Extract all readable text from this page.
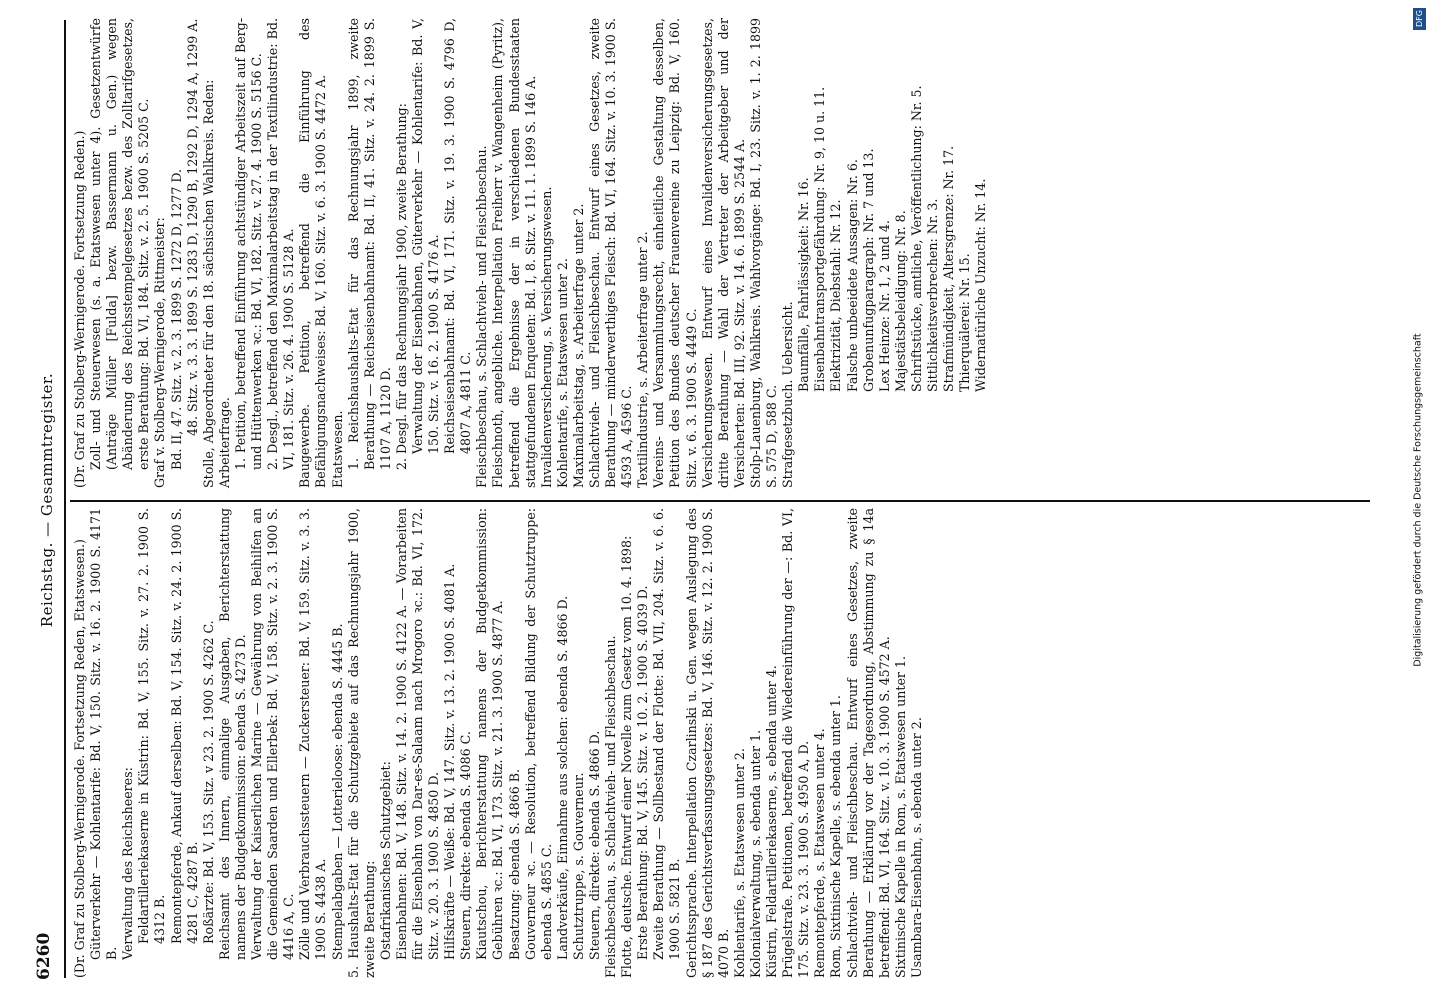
6260
Reichstag. — Gesammtregister.

(Dr. Graf zu Stolberg-Wernigerode. Fortsetzung Reden, Etatswesen.) Güterverkehr — Kohlentarife: Bd. V, 150. Sitz. v. 16. 2. 1900 S. 4171 B. Verwaltung des Reichsheeres: Feldartilleriekaserne in Küstrin: Bd. V, 155. Sitz. v. 27. 2. 1900 S. 4312 B. Remontepferde, Ankauf derselben: Bd. V, 154. Sitz. v. 24. 2. 1900 S. 4281 C, 4287 B. Roßärzte: Bd. V, 153. Sitz. v 23. 2. 1900 S. 4262 C. Reichsamt des Innern, einmalige Ausgaben, Berichterstattung namens der Budgetkommission: ebenda S. 4273 D. Verwaltung der Kaiserlichen Marine — Gewährung von Beihilfen an die Gemeinden Saarden und Ellerbek: Bd. V, 158. Sitz. v. 2. 3. 1900 S. 4416 A, C. Zölle und Verbrauchssteuern — Zuckersteuer: Bd. V, 159. Sitz. v. 3. 3. 1900 S. 4438 A. Stempelabgaben — Lotterieloose: ebenda S. 4445 B. 5. Haushalts-Etat für die Schutzgebiete auf das Rechnungsjahr 1900, zweite Berathung: Ostafrikanisches Schutzgebiet: Eisenbahnen: Bd. V, 148. Sitz. v. 14. 2. 1900 S. 4122 A. — Vorarbeiten für die Eisenbahn von Dar-es-Salaam nach Mrogoro ꝛc.: Bd. VI, 172. Sitz. v. 20. 3. 1900 S. 4850 D. Hilfskräfte — Weiße: Bd. V, 147. Sitz. v. 13. 2. 1900 S. 4081 A. Steuern, direkte: ebenda S. 4086 C. Kiautschou, Berichterstattung namens der Budgetkommission: Gebühren ꝛc.: Bd. VI, 173. Sitz. v. 21. 3. 1900 S. 4877 A. Besatzung: ebenda S. 4866 B. Gouverneur ꝛc. — Resolution, betreffend Bildung der Schutztruppe: ebenda S. 4855 C. Landverkäufe, Einnahme aus solchen: ebenda S. 4866 D. Schutztruppe, s. Gouverneur. Steuern, direkte: ebenda S. 4866 D. Fleischbeschau, s. Schlachtvieh- und Fleischbeschau. Flotte, deutsche. Entwurf einer Novelle zum Gesetz vom 10. 4. 1898: Erste Berathung: Bd. V, 145. Sitz. v. 10. 2. 1900 S. 4039 D. Zweite Berathung — Sollbestand der Flotte: Bd. VII, 204. Sitz. v. 6. 6. 1900 S. 5821 B. Gerichtssprache. Interpellation Czarlinski u. Gen. wegen Auslegung des § 187 des Gerichtsverfassungsgesetzes: Bd. V, 146. Sitz. v. 12. 2. 1900 S. 4070 B. Kohlentarife, s. Etatswesen unter 2. Kolonialverwaltung, s. ebenda unter 1. Küstrin, Feldartilleriekaserne, s. ebenda unter 4. Prügelstrafe. Petitionen, betreffend die Wiedereinführung der —: Bd. VI, 175. Sitz. v. 23. 3. 1900 S. 4950 A, D. Remontepferde, s. Etatswesen unter 4. Rom, Sixtinische Kapelle, s. ebenda unter 1. Schlachtvieh- und Fleischbeschau. Entwurf eines Gesetzes, zweite Berathung — Erklärung vor der Tagesordnung, Abstimmung zu § 14a betreffend: Bd. VI, 164. Sitz. v. 10. 3. 1900 S. 4572 A. Sixtinische Kapelle in Rom, s. Etatswesen unter 1. Usambara-Eisenbahn, s. ebenda unter 2.

(Dr. Graf zu Stolberg-Wernigerode. Fortsetzung Reden.) Zoll- und Steuerwesen (s. a. Etatswesen unter 4). Gesetzentwürfe (Anträge Müller [Fulda] bezw. Bassermann u. Gen.) wegen Abänderung des Reichsstempelgesetzes bezw. des Zolltarifgesetzes, erste Berathung: Bd. VI, 184. Sitz. v. 2. 5. 1900 S. 5205 C. Graf v. Stolberg-Wernigerode, Rittmeister: Bd. II, 47. Sitz. v. 2. 3. 1899 S. 1272 D, 1277 D. 48. Sitz. v. 3. 3. 1899 S. 1283 D, 1290 B, 1292 D, 1294 A, 1299 A. Stolle, Abgeordneter für den 18. sächsischen Wahlkreis. Reden: Arbeiterfrage. 1. Petition, betreffend Einführung achtstündiger Arbeitszeit auf Berg- und Hüttenwerken ꝛc.: Bd. VI, 182. Sitz. v. 27. 4. 1900 S. 5156 C. 2. Desgl., betreffend den Maximalarbeitstag in der Textilindustrie: Bd. VI, 181. Sitz. v. 26. 4. 1900 S. 5128 A. Baugewerbe. Petition, betreffend die Einführung des Befähigungsnachweises: Bd. V, 160. Sitz. v. 6. 3. 1900 S. 4472 A. Etatswesen. 1. Reichshaushalts-Etat für das Rechnungsjahr 1899, zweite Berathung — Reichseisenbahnamt: Bd. II, 41. Sitz. v. 24. 2. 1899 S. 1107 A, 1120 D. 2. Desgl. für das Rechnungsjahr 1900, zweite Berathung: Verwaltung der Eisenbahnen, Güterverkehr — Kohlentarife: Bd. V, 150. Sitz. v. 16. 2. 1900 S. 4176 A. Reichseisenbahnamt: Bd. VI, 171. Sitz. v. 19. 3. 1900 S. 4796 D, 4807 A, 4811 C. Fleischbeschau, s. Schlachtvieh- und Fleischbeschau. Fleischnoth, angebliche. Interpellation Freiherr v. Wangenheim (Pyritz), betreffend die Ergebnisse der in verschiedenen Bundesstaaten stattgefundenen Enqueten: Bd. I, 8. Sitz. v. 11. 1. 1899 S. 146 A. Invalidenversicherung, s. Versicherungswesen. Kohlentarife, s. Etatswesen unter 2. Maximalarbeitstag, s. Arbeiterfrage unter 2. Schlachtvieh- und Fleischbeschau. Entwurf eines Gesetzes, zweite Berathung — minderwerthiges Fleisch: Bd. VI, 164. Sitz. v. 10. 3. 1900 S. 4593 A, 4596 C. Textilindustrie, s. Arbeiterfrage unter 2. Vereins- und Versammlungsrecht, einheitliche Gestaltung desselben, Petition des Bundes deutscher Frauenvereine zu Leipzig: Bd. V, 160. Sitz. v. 6. 3. 1900 S. 4449 C. Versicherungswesen. Entwurf eines Invalidenversicherungsgesetzes, dritte Berathung — Wahl der Vertreter der Arbeitgeber und der Versicherten: Bd. III, 92. Sitz. v. 14. 6. 1899 S. 2544 A. Stolp-Lauenburg, Wahlkreis. Wahlvorgänge: Bd. I, 23. Sitz. v. 1. 2. 1899 S. 575 D, 588 C. Strafgesetzbuch. Uebersicht.

Baumfälle, Fahrlässigkeit: Nr. 16. Eisenbahntransportgefährdung: Nr. 9, 10 u. 11. Elektrizität, Diebstahl: Nr. 12. Falsche unbeeidete Aussagen: Nr. 6. Grobenunfugparagraph: Nr. 7 und 13. Lex Heinze: Nr. 1, 2 und 4. Majestätsbeleidigung: Nr. 8. Schriftstücke, amtliche, Veröffentlichung: Nr. 5. Sittlichkeitsverbrechen: Nr. 3. Strafmündigkeit, Altersgrenze: Nr. 17. Thierquälerei: Nr. 15. Widernatürliche Unzucht: Nr. 14.

DFG
Digitalisierung gefördert durch die Deutsche Forschungsgemeinschaft
